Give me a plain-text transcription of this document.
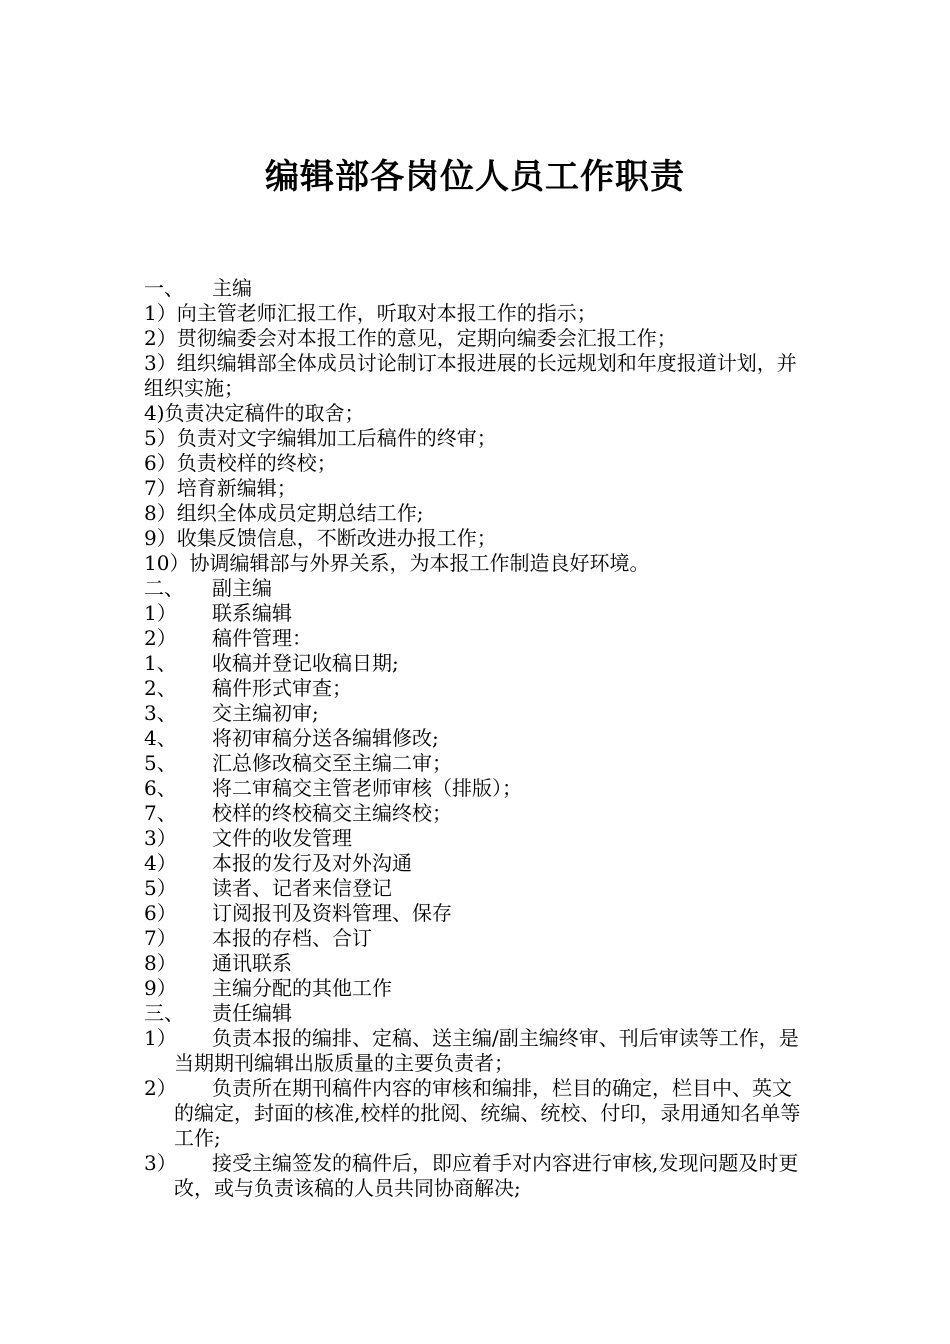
编辑部各岗位人员工作职责
一、	主编
1）向主管老师汇报工作，听取对本报工作的指示；
2）贯彻编委会对本报工作的意见，定期向编委会汇报工作；
3）组织编辑部全体成员讨论制订本报进展的长远规划和年度报道计划，并组织实施；
4)负责决定稿件的取舍；
5）负责对文字编辑加工后稿件的终审；
6）负责校样的终校；
7）培育新编辑；
8）组织全体成员定期总结工作;
9）收集反馈信息，不断改进办报工作；
10）协调编辑部与外界关系，为本报工作制造良好环境。
二、	副主编
1）	联系编辑
2）	稿件管理：
1、	收稿并登记收稿日期;
2、	稿件形式审查；
3、	交主编初审;
4、	将初审稿分送各编辑修改;
5、	汇总修改稿交至主编二审；
6、	将二审稿交主管老师审核（排版）；
7、	校样的终校稿交主编终校；
3）	文件的收发管理
4）	本报的发行及对外沟通
5）	读者、记者来信登记
6）	订阅报刊及资料管理、保存
7）	本报的存档、合订
8）	通讯联系
9）	主编分配的其他工作
三、	责任编辑
1）	负责本报的编排、定稿、送主编/副主编终审、刊后审读等工作，是当期期刊编辑出版质量的主要负责者；
2）	负责所在期刊稿件内容的审核和编排，栏目的确定，栏目中、英文的编定，封面的核准,校样的批阅、统编、统校、付印，录用通知名单等工作;
3）	接受主编签发的稿件后，即应着手对内容进行审核,发现问题及时更改，或与负责该稿的人员共同协商解决;
